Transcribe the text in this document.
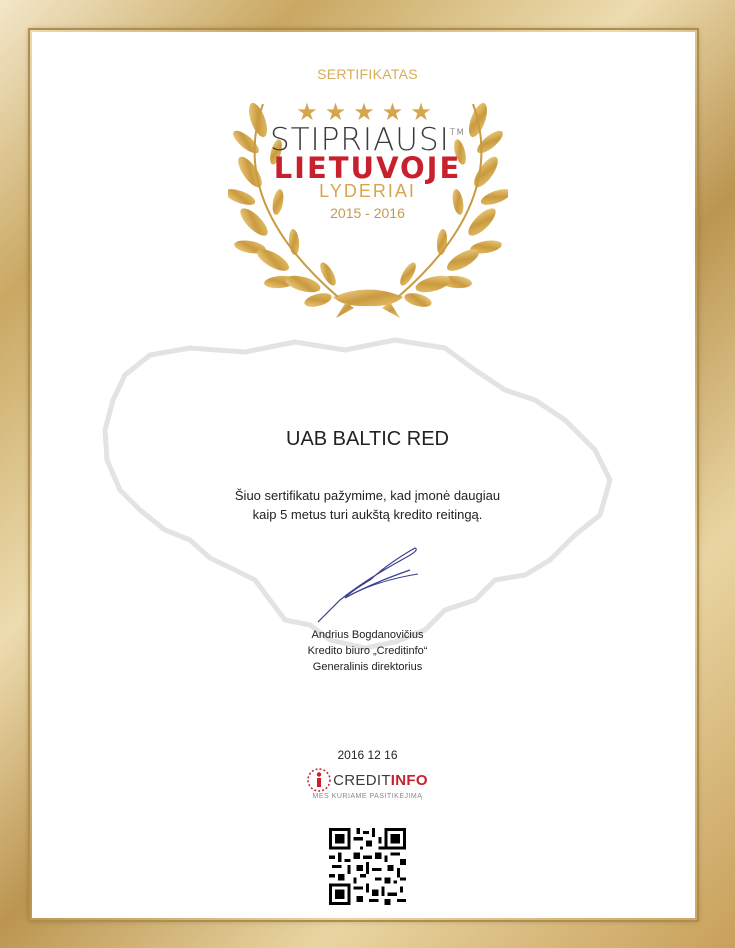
SERTIFIKATAS
★★★★★
STIPRIAUSI™
LIETUVOJE
LYDERIAI
2015 - 2016
UAB BALTIC RED
Šiuo sertifikatu pažymime, kad įmonė daugiau
kaip 5 metus turi aukštą kredito reitingą.
Andrius Bogdanovičius
Kredito biuro „Creditinfo“
Generalinis direktorius
2016 12 16
CREDITINFO
MES KURIAME PASITIKĖJIMĄ
